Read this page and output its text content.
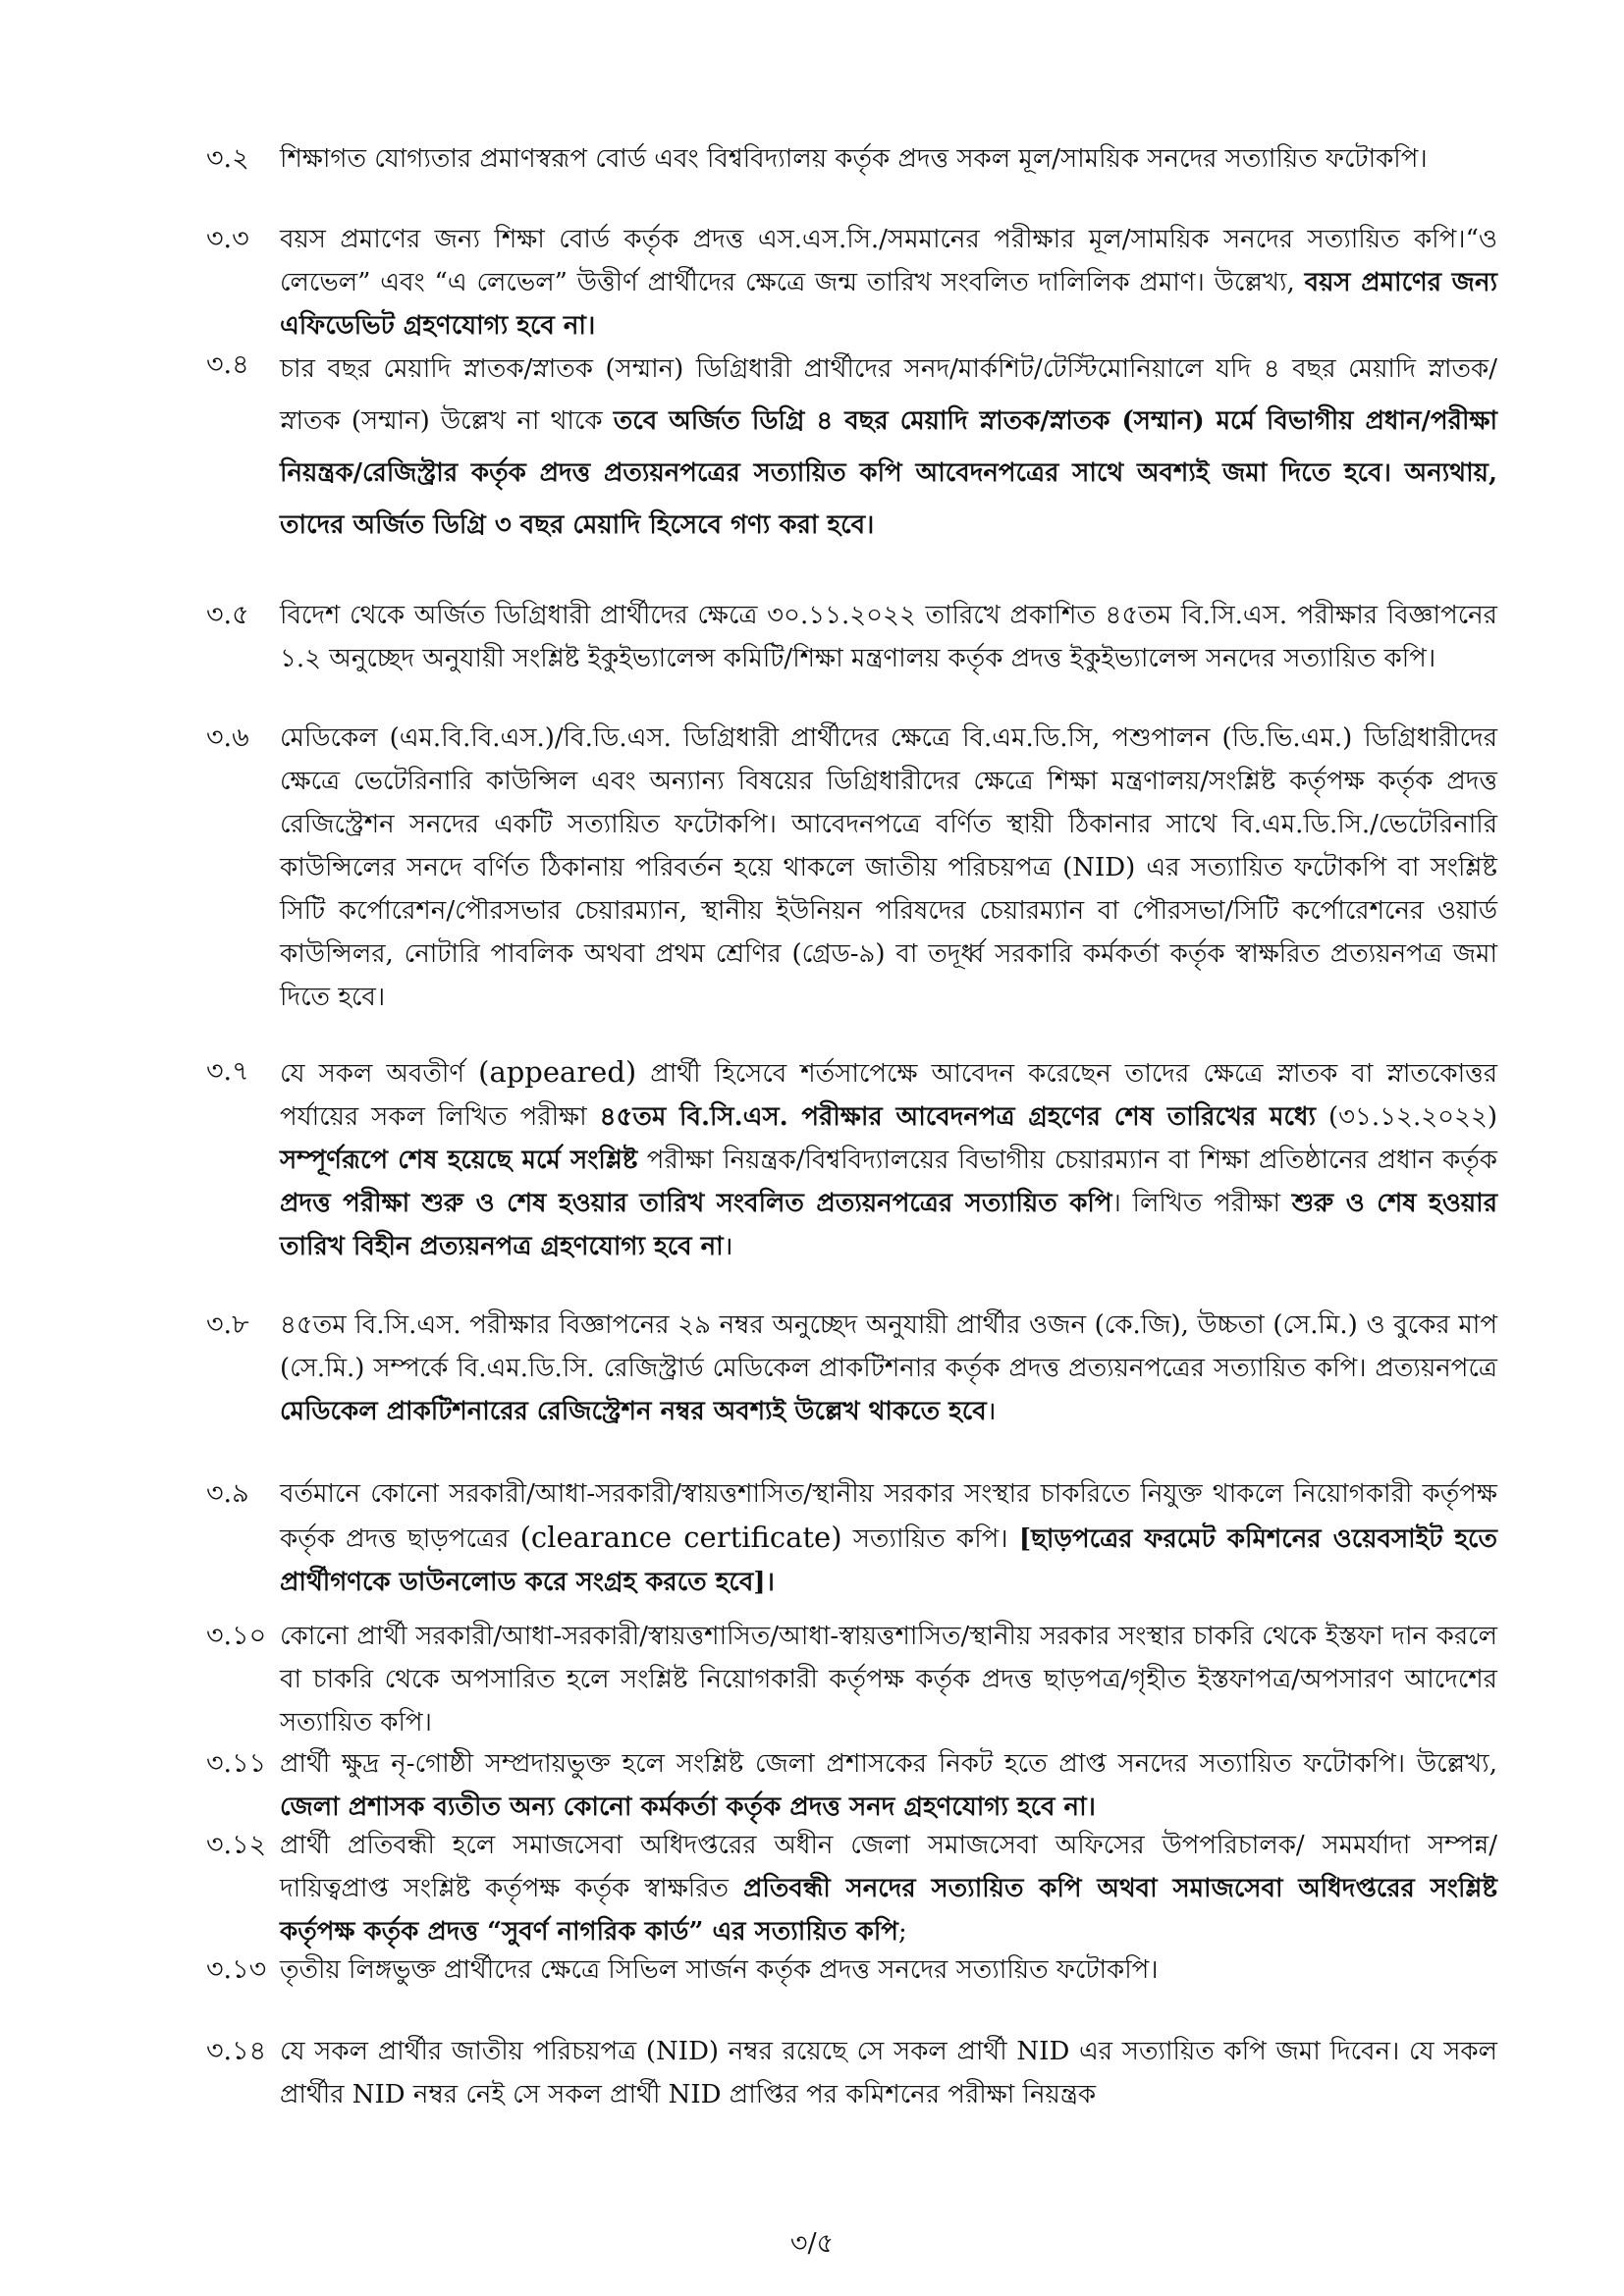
৩.২	শিক্ষাগত যোগ্যতার প্রমাণস্বরূপ বোর্ড এবং বিশ্ববিদ্যালয় কর্তৃক প্রদত্ত সকল মূল/সাময়িক সনদের সত্যায়িত ফটোকপি।

৩.৩	বয়স প্রমাণের জন্য শিক্ষা বোর্ড কর্তৃক প্রদত্ত এস.এস.সি./সমমানের পরীক্ষার মূল/সাময়িক সনদের সত্যায়িত কপি।“ও লেভেল” এবং “এ লেভেল” উত্তীর্ণ প্রার্থীদের ক্ষেত্রে জন্ম তারিখ সংবলিত দালিলিক প্রমাণ। উল্লেখ্য, বয়স প্রমাণের জন্য এফিডেভিট গ্রহণযোগ্য হবে না।

৩.৪	চার বছর মেয়াদি স্নাতক/স্নাতক (সম্মান) ডিগ্রিধারী প্রার্থীদের সনদ/মার্কশিট/টেস্টিমোনিয়ালে যদি ৪ বছর মেয়াদি স্নাতক/স্নাতক (সম্মান) উল্লেখ না থাকে তবে অর্জিত ডিগ্রি ৪ বছর মেয়াদি স্নাতক/স্নাতক (সম্মান) মর্মে বিভাগীয় প্রধান/পরীক্ষা নিয়ন্ত্রক/রেজিস্ট্রার কর্তৃক প্রদত্ত প্রত্যয়নপত্রের সত্যায়িত কপি আবেদনপত্রের সাথে অবশ্যই জমা দিতে হবে। অন্যথায়, তাদের অর্জিত ডিগ্রি ৩ বছর মেয়াদি হিসেবে গণ্য করা হবে।

৩.৫	বিদেশ থেকে অর্জিত ডিগ্রিধারী প্রার্থীদের ক্ষেত্রে ৩০.১১.২০২২ তারিখে প্রকাশিত ৪৫তম বি.সি.এস. পরীক্ষার বিজ্ঞাপনের ১.২ অনুচ্ছেদ অনুযায়ী সংশ্লিষ্ট ইকুইভ্যালেন্স কমিটি/শিক্ষা মন্ত্রণালয় কর্তৃক প্রদত্ত ইকুইভ্যালেন্স সনদের সত্যায়িত কপি।

৩.৬	মেডিকেল (এম.বি.বি.এস.)/বি.ডি.এস. ডিগ্রিধারী প্রার্থীদের ক্ষেত্রে বি.এম.ডি.সি, পশুপালন (ডি.ভি.এম.) ডিগ্রিধারীদের ক্ষেত্রে ভেটেরিনারি কাউন্সিল এবং অন্যান্য বিষয়ের ডিগ্রিধারীদের ক্ষেত্রে শিক্ষা মন্ত্রণালয়/সংশ্লিষ্ট কর্তৃপক্ষ কর্তৃক প্রদত্ত রেজিস্ট্রেশন সনদের একটি সত্যায়িত ফটোকপি। আবেদনপত্রে বর্ণিত স্থায়ী ঠিকানার সাথে বি.এম.ডি.সি./ভেটেরিনারি কাউন্সিলের সনদে বর্ণিত ঠিকানায় পরিবর্তন হয়ে থাকলে জাতীয় পরিচয়পত্র (NID) এর সত্যায়িত ফটোকপি বা সংশ্লিষ্ট সিটি কর্পোরেশন/পৌরসভার চেয়ারম্যান, স্থানীয় ইউনিয়ন পরিষদের চেয়ারম্যান বা পৌরসভা/সিটি কর্পোরেশনের ওয়ার্ড কাউন্সিলর, নোটারি পাবলিক অথবা প্রথম শ্রেণির (গ্রেড-৯) বা তদূর্ধ্ব সরকারি কর্মকর্তা কর্তৃক স্বাক্ষরিত প্রত্যয়নপত্র জমা দিতে হবে।

৩.৭	যে সকল অবতীর্ণ (appeared) প্রার্থী হিসেবে শর্তসাপেক্ষে আবেদন করেছেন তাদের ক্ষেত্রে স্নাতক বা স্নাতকোত্তর পর্যায়ের সকল লিখিত পরীক্ষা ৪৫তম বি.সি.এস. পরীক্ষার আবেদনপত্র গ্রহণের শেষ তারিখের মধ্যে (৩১.১২.২০২২) সম্পূর্ণরূপে শেষ হয়েছে মর্মে সংশ্লিষ্ট পরীক্ষা নিয়ন্ত্রক/বিশ্ববিদ্যালয়ের বিভাগীয় চেয়ারম্যান বা শিক্ষা প্রতিষ্ঠানের প্রধান কর্তৃক প্রদত্ত পরীক্ষা শুরু ও শেষ হওয়ার তারিখ সংবলিত প্রত্যয়নপত্রের সত্যায়িত কপি। লিখিত পরীক্ষা শুরু ও শেষ হওয়ার তারিখ বিহীন প্রত্যয়নপত্র গ্রহণযোগ্য হবে না।

৩.৮	৪৫তম বি.সি.এস. পরীক্ষার বিজ্ঞাপনের ২৯ নম্বর অনুচ্ছেদ অনুযায়ী প্রার্থীর ওজন (কে.জি), উচ্চতা (সে.মি.) ও বুকের মাপ (সে.মি.) সম্পর্কে বি.এম.ডি.সি. রেজিস্ট্রার্ড মেডিকেল প্রাকটিশনার কর্তৃক প্রদত্ত প্রত্যয়নপত্রের সত্যায়িত কপি। প্রত্যয়নপত্রে মেডিকেল প্রাকটিশনারের রেজিস্ট্রেশন নম্বর অবশ্যই উল্লেখ থাকতে হবে।

৩.৯	বর্তমানে কোনো সরকারী/আধা-সরকারী/স্বায়ত্তশাসিত/স্থানীয় সরকার সংস্থার চাকরিতে নিযুক্ত থাকলে নিয়োগকারী কর্তৃপক্ষ কর্তৃক প্রদত্ত ছাড়পত্রের (clearance certificate) সত্যায়িত কপি। [ছাড়পত্রের ফরমেট কমিশনের ওয়েবসাইট হতে প্রার্থীগণকে ডাউনলোড করে সংগ্রহ করতে হবে]।

৩.১০ কোনো প্রার্থী সরকারী/আধা-সরকারী/স্বায়ত্তশাসিত/আধা-স্বায়ত্তশাসিত/স্থানীয় সরকার সংস্থার চাকরি থেকে ইস্তফা দান করলে বা চাকরি থেকে অপসারিত হলে সংশ্লিষ্ট নিয়োগকারী কর্তৃপক্ষ কর্তৃক প্রদত্ত ছাড়পত্র/গৃহীত ইস্তফাপত্র/অপসারণ আদেশের সত্যায়িত কপি।

৩.১১ প্রার্থী ক্ষুদ্র নৃ-গোষ্ঠী সম্প্রদায়ভুক্ত হলে সংশ্লিষ্ট জেলা প্রশাসকের নিকট হতে প্রাপ্ত সনদের সত্যায়িত ফটোকপি। উল্লেখ্য, জেলা প্রশাসক ব্যতীত অন্য কোনো কর্মকর্তা কর্তৃক প্রদত্ত সনদ গ্রহণযোগ্য হবে না।

৩.১২ প্রার্থী প্রতিবন্ধী হলে সমাজসেবা অধিদপ্তরের অধীন জেলা সমাজসেবা অফিসের উপপরিচালক/ সমমর্যাদা সম্পন্ন/দায়িত্বপ্রাপ্ত সংশ্লিষ্ট কর্তৃপক্ষ কর্তৃক স্বাক্ষরিত প্রতিবন্ধী সনদের সত্যায়িত কপি অথবা সমাজসেবা অধিদপ্তরের সংশ্লিষ্ট কর্তৃপক্ষ কর্তৃক প্রদত্ত “সুবর্ণ নাগরিক কার্ড” এর সত্যায়িত কপি;

৩.১৩ তৃতীয় লিঙ্গভুক্ত প্রার্থীদের ক্ষেত্রে সিভিল সার্জন কর্তৃক প্রদত্ত সনদের সত্যায়িত ফটোকপি।

৩.১৪ যে সকল প্রার্থীর জাতীয় পরিচয়পত্র (NID) নম্বর রয়েছে সে সকল প্রার্থী NID এর সত্যায়িত কপি জমা দিবেন। যে সকল প্রার্থীর NID নম্বর নেই সে সকল প্রার্থী NID প্রাপ্তির পর কমিশনের পরীক্ষা নিয়ন্ত্রক

৩/৫
